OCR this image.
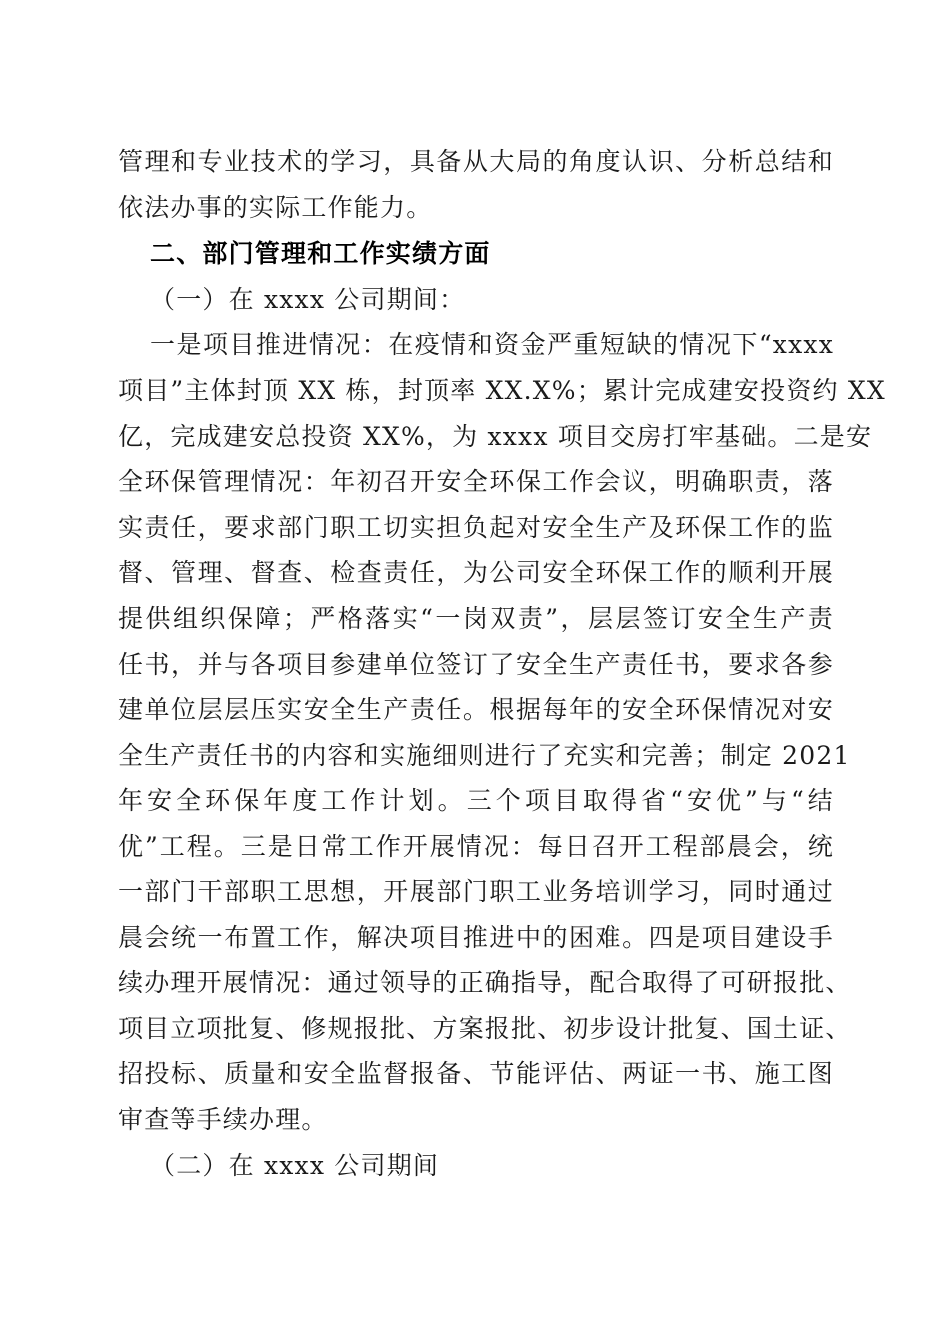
管理和专业技术的学习，具备从大局的角度认识、分析总结和

依法办事的实际工作能力。

二、部门管理和工作实绩方面

（一）在 xxxx 公司期间：

一是项目推进情况：在疫情和资金严重短缺的情况下“xxxx

项目”主体封顶 XX 栋，封顶率 XX.X%；累计完成建安投资约 XX

亿，完成建安总投资 XX%，为 xxxx 项目交房打牢基础。二是安

全环保管理情况：年初召开安全环保工作会议，明确职责，落

实责任，要求部门职工切实担负起对安全生产及环保工作的监

督、管理、督查、检查责任，为公司安全环保工作的顺利开展

提供组织保障；严格落实“一岗双责”，层层签订安全生产责

任书，并与各项目参建单位签订了安全生产责任书，要求各参

建单位层层压实安全生产责任。根据每年的安全环保情况对安

全生产责任书的内容和实施细则进行了充实和完善；制定 2021

年安全环保年度工作计划。三个项目取得省“安优”与“结

优”工程。三是日常工作开展情况：每日召开工程部晨会，统

一部门干部职工思想，开展部门职工业务培训学习，同时通过

晨会统一布置工作，解决项目推进中的困难。四是项目建设手

续办理开展情况：通过领导的正确指导，配合取得了可研报批、

项目立项批复、修规报批、方案报批、初步设计批复、国土证、

招投标、质量和安全监督报备、节能评估、两证一书、施工图

审查等手续办理。

（二）在 xxxx 公司期间
